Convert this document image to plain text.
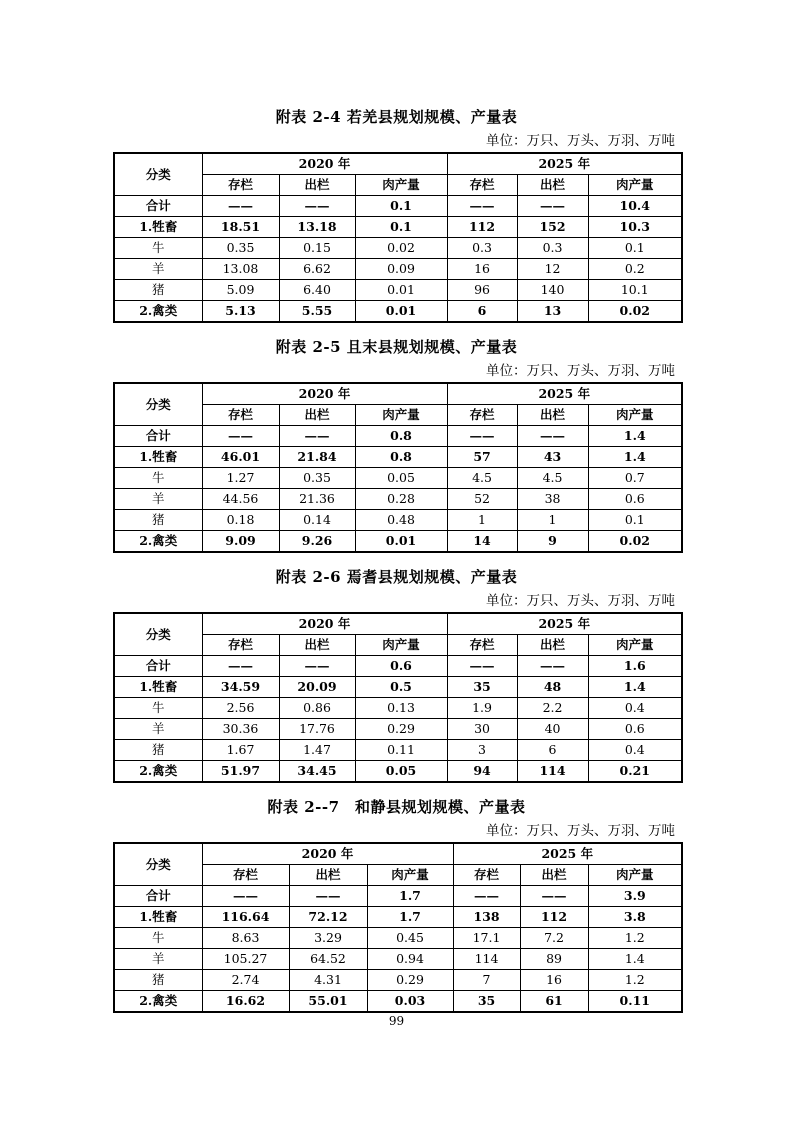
附表 2-4 若羌县规划规模、产量表
单位：万只、万头、万羽、万吨
分类	2020 年			2025 年		
	存栏	出栏	肉产量	存栏	出栏	肉产量
合计	——	——	0.1	——	——	10.4
1.牲畜	18.51	13.18	0.1	112	152	10.3
牛	0.35	0.15	0.02	0.3	0.3	0.1
羊	13.08	6.62	0.09	16	12	0.2
猪	5.09	6.40	0.01	96	140	10.1
2.禽类	5.13	5.55	0.01	6	13	0.02
附表 2-5 且末县规划规模、产量表
单位：万只、万头、万羽、万吨
分类	2020 年			2025 年		
	存栏	出栏	肉产量	存栏	出栏	肉产量
合计	——	——	0.8	——	——	1.4
1.牲畜	46.01	21.84	0.8	57	43	1.4
牛	1.27	0.35	0.05	4.5	4.5	0.7
羊	44.56	21.36	0.28	52	38	0.6
猪	0.18	0.14	0.48	1	1	0.1
2.禽类	9.09	9.26	0.01	14	9	0.02
附表 2-6 焉耆县规划规模、产量表
单位：万只、万头、万羽、万吨
分类	2020 年			2025 年		
	存栏	出栏	肉产量	存栏	出栏	肉产量
合计	——	——	0.6	——	——	1.6
1.牲畜	34.59	20.09	0.5	35	48	1.4
牛	2.56	0.86	0.13	1.9	2.2	0.4
羊	30.36	17.76	0.29	30	40	0.6
猪	1.67	1.47	0.11	3	6	0.4
2.禽类	51.97	34.45	0.05	94	114	0.21
附表 2--7　和静县规划规模、产量表
单位：万只、万头、万羽、万吨
分类	2020 年			2025 年		
	存栏	出栏	肉产量	存栏	出栏	肉产量
合计	——	——	1.7	——	——	3.9
1.牲畜	116.64	72.12	1.7	138	112	3.8
牛	8.63	3.29	0.45	17.1	7.2	1.2
羊	105.27	64.52	0.94	114	89	1.4
猪	2.74	4.31	0.29	7	16	1.2
2.禽类	16.62	55.01	0.03	35	61	0.11
99
